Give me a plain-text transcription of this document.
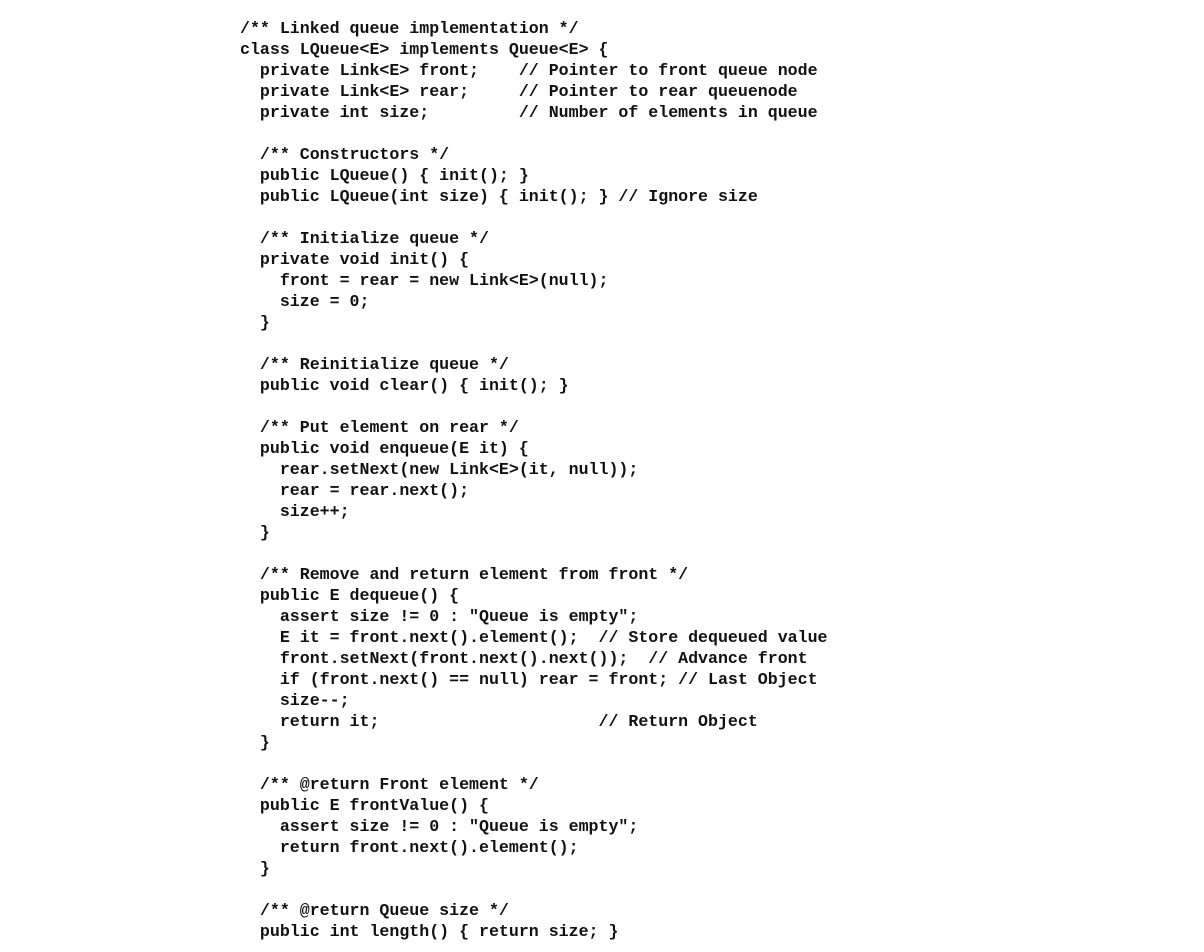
/** Linked queue implementation */
class LQueue<E> implements Queue<E> {
private Link<E> front;    // Pointer to front queue node
private Link<E> rear;     // Pointer to rear queuenode
private int size;         // Number of elements in queue
/** Constructors */
public LQueue() { init(); }
public LQueue(int size) { init(); } // Ignore size
/** Initialize queue */
private void init() {
front = rear = new Link<E>(null);
size = 0;
}
/** Reinitialize queue */
public void clear() { init(); }
/** Put element on rear */
public void enqueue(E it) {
rear.setNext(new Link<E>(it, null));
rear = rear.next();
size++;
}
/** Remove and return element from front */
public E dequeue() {
assert size != 0 : "Queue is empty";
E it = front.next().element();  // Store dequeued value
front.setNext(front.next().next());  // Advance front
if (front.next() == null) rear = front; // Last Object
size--;
return it;                      // Return Object
}
/** @return Front element */
public E frontValue() {
assert size != 0 : "Queue is empty";
return front.next().element();
}
/** @return Queue size */
public int length() { return size; }
